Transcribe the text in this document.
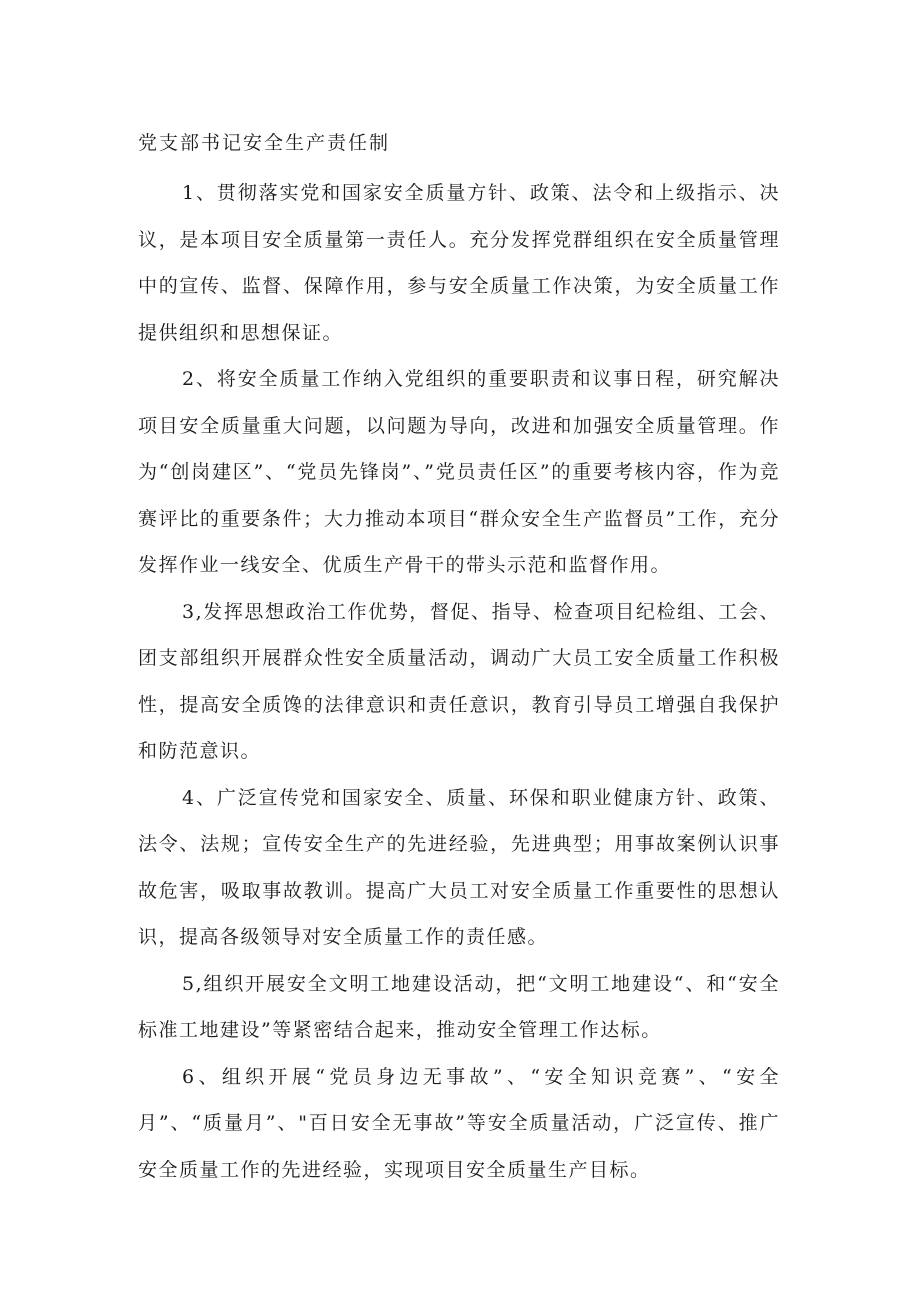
党支部书记安全生产责任制

1、贯彻落实党和国家安全质量方针、政策、法令和上级指示、决议，是本项目安全质量第一责任人。充分发挥党群组织在安全质量管理中的宣传、监督、保障作用，参与安全质量工作决策，为安全质量工作提供组织和思想保证。

2、将安全质量工作纳入党组织的重要职责和议事日程，研究解决项目安全质量重大问题，以问题为导向，改进和加强安全质量管理。作为“创岗建区”、“党员先锋岗”、”党员责任区”的重要考核内容，作为竞赛评比的重要条件；大力推动本项目“群众安全生产监督员”工作，充分发挥作业一线安全、优质生产骨干的带头示范和监督作用。

3,发挥思想政治工作优势，督促、指导、检查项目纪检组、工会、团支部组织开展群众性安全质量活动，调动广大员工安全质量工作积极性，提高安全质馋的法律意识和责任意识，教育引导员工增强自我保护和防范意识。

4、广泛宣传党和国家安全、质量、环保和职业健康方针、政策、法令、法规；宣传安全生产的先进经验，先进典型；用事故案例认识事故危害，吸取事故教训。提高广大员工对安全质量工作重要性的思想认识，提高各级领导对安全质量工作的责任感。

5,组织开展安全文明工地建设活动，把“文明工地建设“、和“安全标准工地建设”等紧密结合起来，推动安全管理工作达标。

6、组织开展“党员身边无事故”、“安全知识竞赛”、“安全月”、“质量月”、"百日安全无事故”等安全质量活动，广泛宣传、推广安全质量工作的先进经验，实现项目安全质量生产目标。
